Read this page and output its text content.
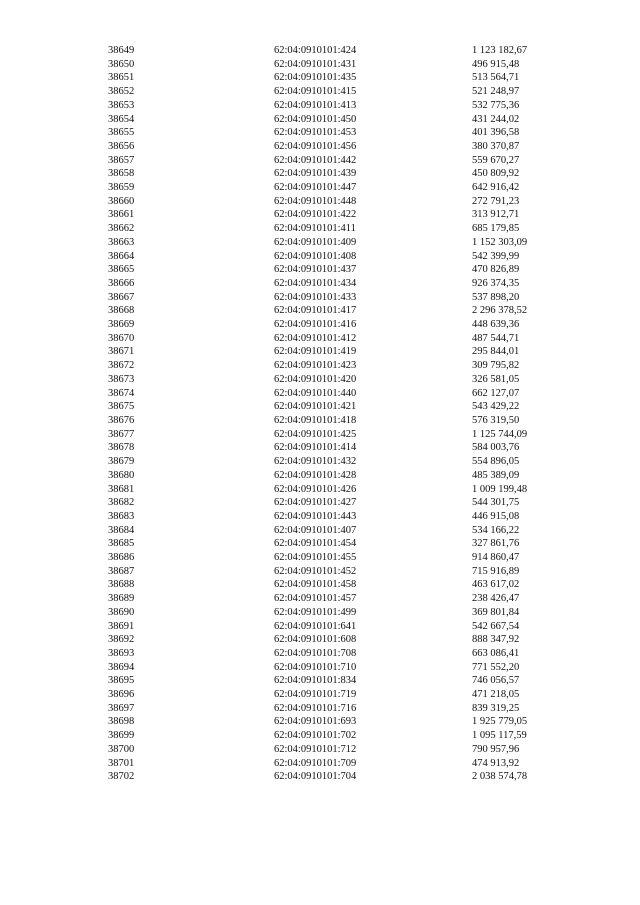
38649	62:04:0910101:424	1 123 182,67
38650	62:04:0910101:431	496 915,48
38651	62:04:0910101:435	513 564,71
38652	62:04:0910101:415	521 248,97
38653	62:04:0910101:413	532 775,36
38654	62:04:0910101:450	431 244,02
38655	62:04:0910101:453	401 396,58
38656	62:04:0910101:456	380 370,87
38657	62:04:0910101:442	559 670,27
38658	62:04:0910101:439	450 809,92
38659	62:04:0910101:447	642 916,42
38660	62:04:0910101:448	272 791,23
38661	62:04:0910101:422	313 912,71
38662	62:04:0910101:411	685 179,85
38663	62:04:0910101:409	1 152 303,09
38664	62:04:0910101:408	542 399,99
38665	62:04:0910101:437	470 826,89
38666	62:04:0910101:434	926 374,35
38667	62:04:0910101:433	537 898,20
38668	62:04:0910101:417	2 296 378,52
38669	62:04:0910101:416	448 639,36
38670	62:04:0910101:412	487 544,71
38671	62:04:0910101:419	295 844,01
38672	62:04:0910101:423	309 795,82
38673	62:04:0910101:420	326 581,05
38674	62:04:0910101:440	662 127,07
38675	62:04:0910101:421	543 429,22
38676	62:04:0910101:418	576 319,50
38677	62:04:0910101:425	1 125 744,09
38678	62:04:0910101:414	584 003,76
38679	62:04:0910101:432	554 896,05
38680	62:04:0910101:428	485 389,09
38681	62:04:0910101:426	1 009 199,48
38682	62:04:0910101:427	544 301,75
38683	62:04:0910101:443	446 915,08
38684	62:04:0910101:407	534 166,22
38685	62:04:0910101:454	327 861,76
38686	62:04:0910101:455	914 860,47
38687	62:04:0910101:452	715 916,89
38688	62:04:0910101:458	463 617,02
38689	62:04:0910101:457	238 426,47
38690	62:04:0910101:499	369 801,84
38691	62:04:0910101:641	542 667,54
38692	62:04:0910101:608	888 347,92
38693	62:04:0910101:708	663 086,41
38694	62:04:0910101:710	771 552,20
38695	62:04:0910101:834	746 056,57
38696	62:04:0910101:719	471 218,05
38697	62:04:0910101:716	839 319,25
38698	62:04:0910101:693	1 925 779,05
38699	62:04:0910101:702	1 095 117,59
38700	62:04:0910101:712	790 957,96
38701	62:04:0910101:709	474 913,92
38702	62:04:0910101:704	2 038 574,78
